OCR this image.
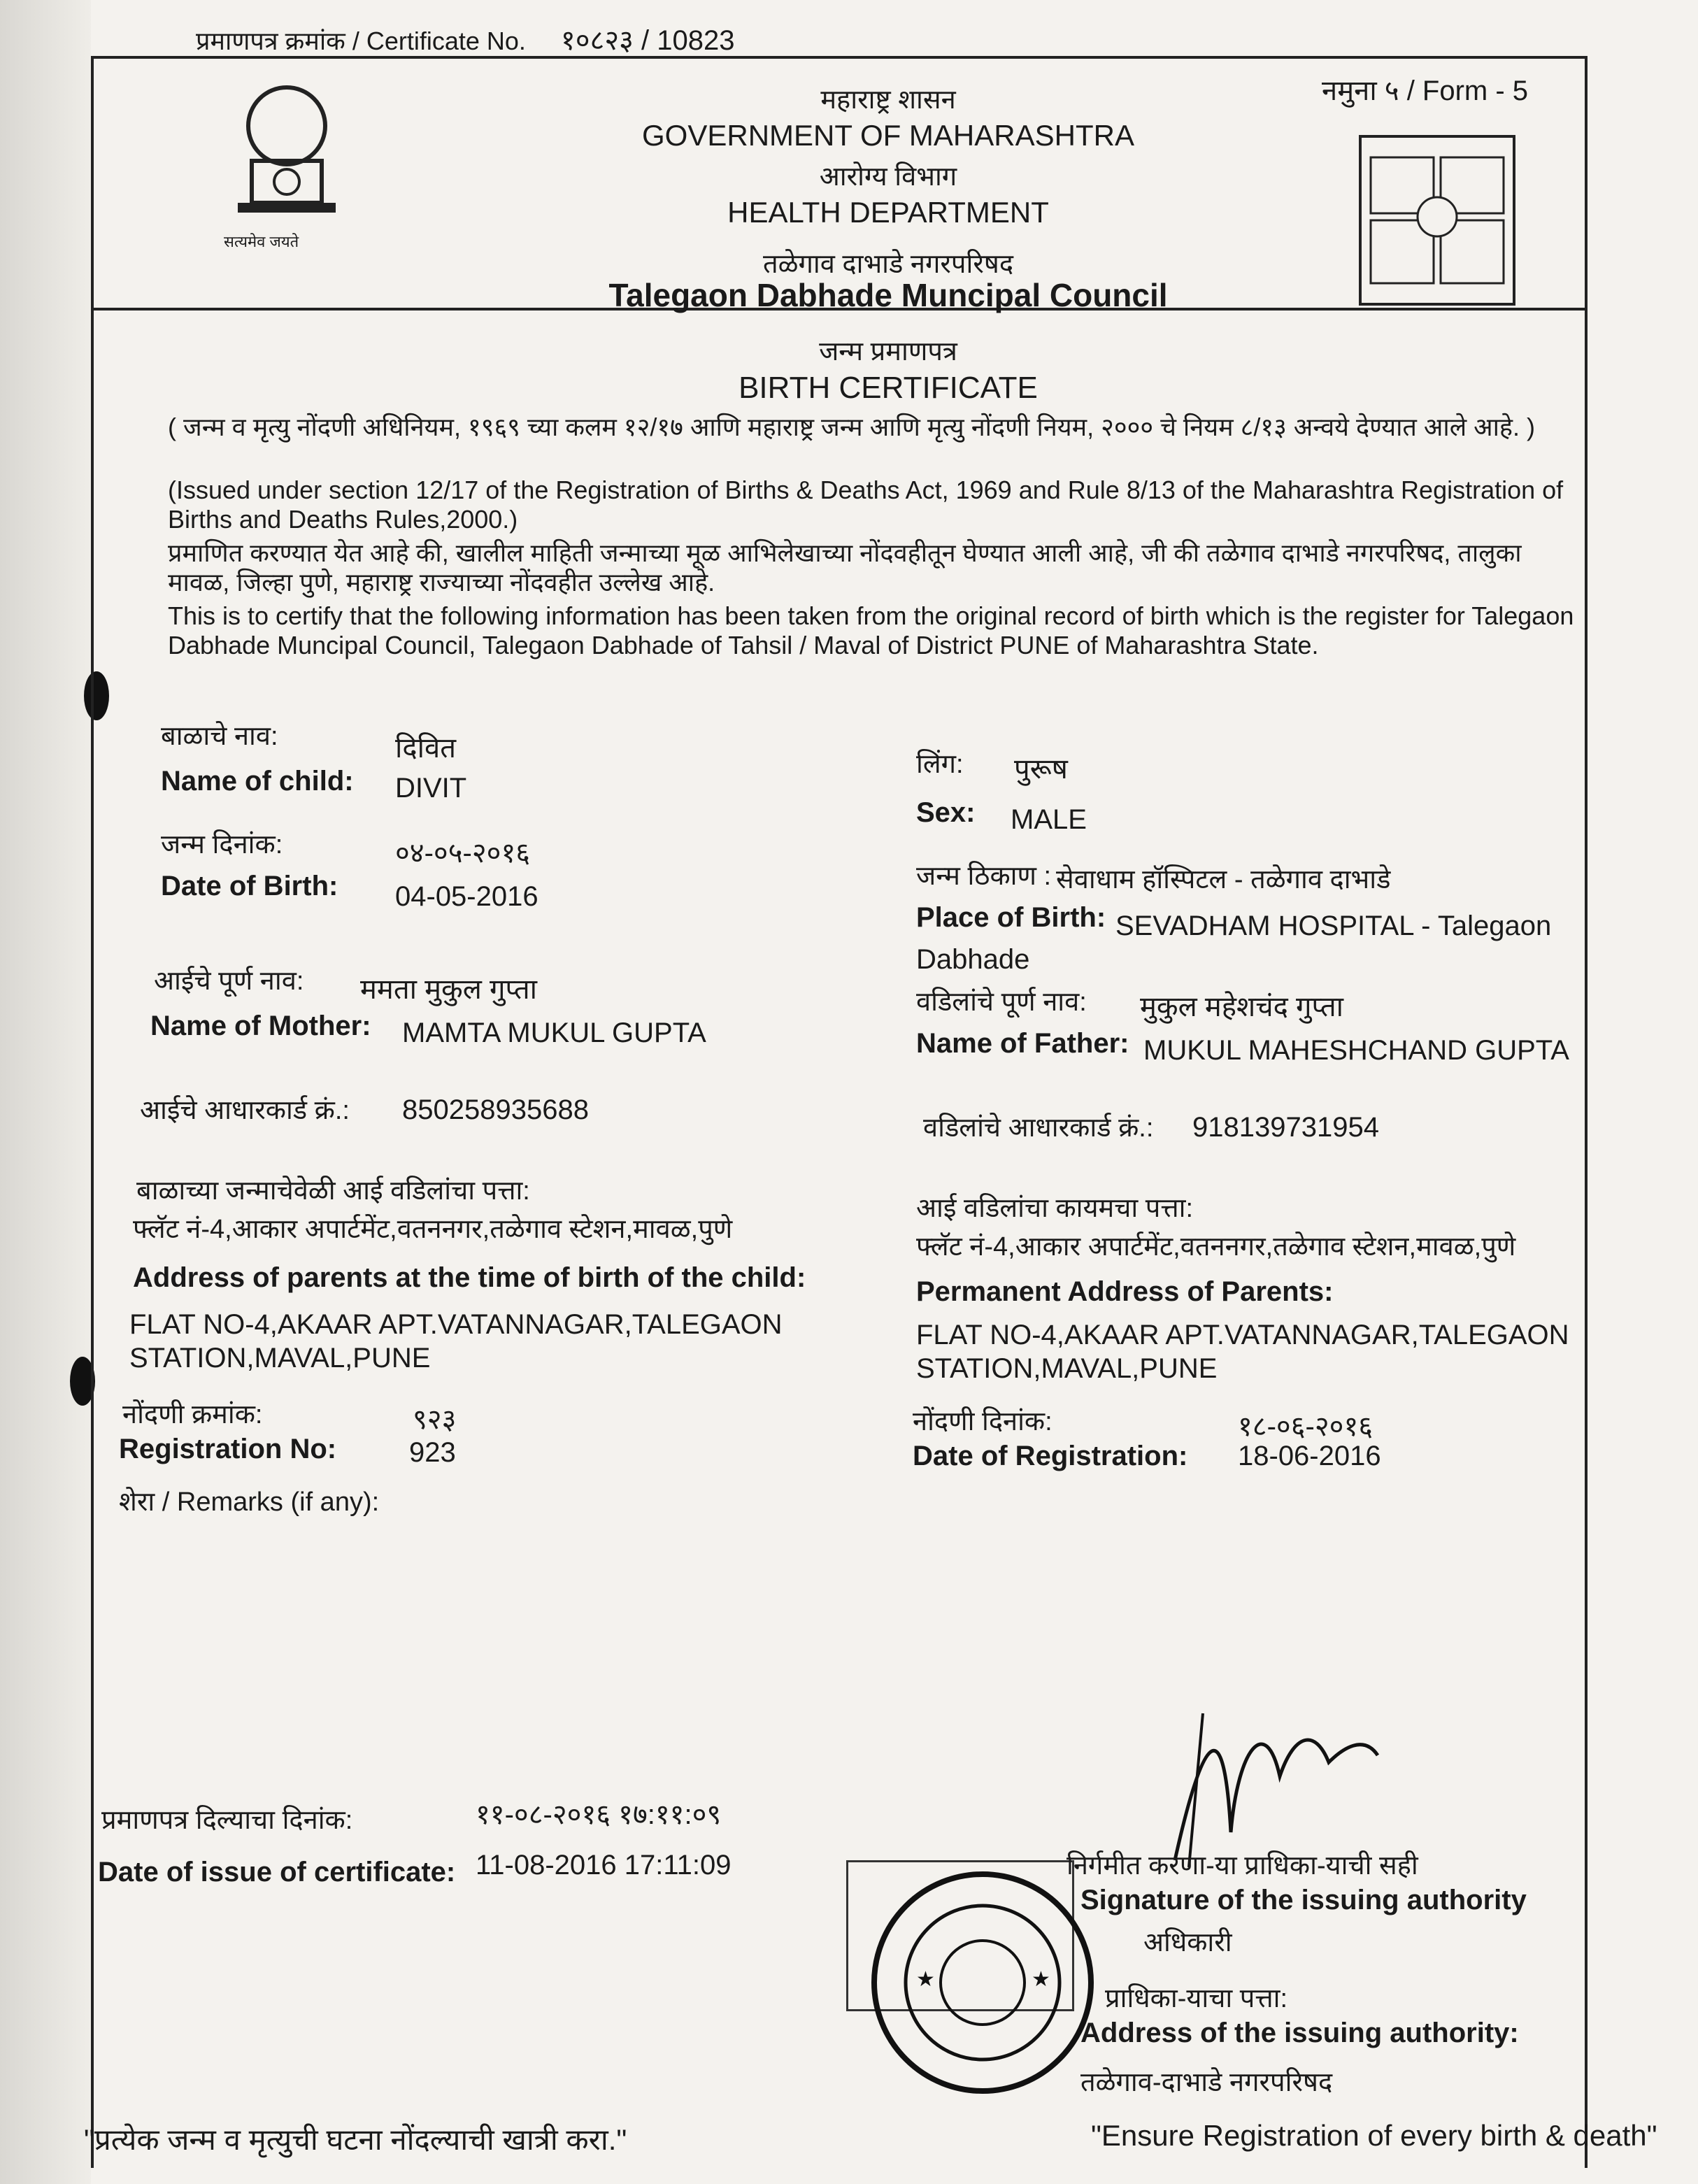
प्रमाणपत्र क्रमांक / Certificate No. १०८२३ / 10823
नमुना ५ / Form - 5
सत्यमेव जयते
महाराष्ट्र शासन
GOVERNMENT OF MAHARASHTRA
आरोग्य विभाग
HEALTH DEPARTMENT
तळेगाव दाभाडे नगरपरिषद
Talegaon Dabhade Muncipal Council
जन्म प्रमाणपत्र
BIRTH CERTIFICATE
( जन्म व मृत्यु नोंदणी अधिनियम, १९६९ च्या कलम १२/१७ आणि महाराष्ट्र जन्म आणि मृत्यु नोंदणी नियम, २००० चे नियम ८/१३ अन्वये देण्यात आले आहे. )
(Issued under section 12/17 of the Registration of Births & Deaths Act, 1969 and Rule 8/13 of the Maharashtra Registration of Births and Deaths Rules,2000.)
प्रमाणित करण्यात येत आहे की, खालील माहिती जन्माच्या मूळ आभिलेखाच्या नोंदवहीतून घेण्यात आली आहे, जी की तळेगाव दाभाडे नगरपरिषद, तालुका मावळ, जिल्हा पुणे, महाराष्ट्र राज्याच्या नोंदवहीत उल्लेख आहे.
This is to certify that the following information has been taken from the original record of birth which is the register for Talegaon Dabhade Muncipal Council, Talegaon Dabhade of Tahsil / Maval of District PUNE of Maharashtra State.
बाळाचे नाव:	दिवित
Name of child: DIVIT
जन्म दिनांक:	०४-०५-२०१६
Date of Birth: 04-05-2016
आईचे पूर्ण नाव: ममता मुकुल गुप्ता
Name of Mother: MAMTA MUKUL GUPTA
आईचे आधारकार्ड क्रं.: 850258935688
बाळाच्या जन्माचेवेळी आई वडिलांचा पत्ता:
फ्लॅट नं-4,आकार अपार्टमेंट,वतननगर,तळेगाव स्टेशन,मावळ,पुणे
Address of parents at the time of birth of the child:
FLAT NO-4,AKAAR APT.VATANNAGAR,TALEGAON STATION,MAVAL,PUNE
नोंदणी क्रमांक:	९२३
Registration No:	923
शेरा / Remarks (if any):
लिंग: पुरूष
Sex: MALE
जन्म ठिकाण : सेवाधाम हॉस्पिटल - तळेगाव दाभाडे
Place of Birth: SEVADHAM HOSPITAL - Talegaon Dabhade
वडिलांचे पूर्ण नाव: मुकुल महेशचंद गुप्ता
Name of Father: MUKUL MAHESHCHAND GUPTA
वडिलांचे आधारकार्ड क्रं.: 918139731954
आई वडिलांचा कायमचा पत्ता:
फ्लॅट नं-4,आकार अपार्टमेंट,वतननगर,तळेगाव स्टेशन,मावळ,पुणे
Permanent Address of Parents:
FLAT NO-4,AKAAR APT.VATANNAGAR,TALEGAON STATION,MAVAL,PUNE
नोंदणी दिनांक:	१८-०६-२०१६
Date of Registration: 18-06-2016
प्रमाणपत्र दिल्याचा दिनांक:	११-०८-२०१६ १७:११:०९
Date of issue of certificate: 11-08-2016 17:11:09
★	★
निर्गमीत करणा-या प्राधिका-याची सही
Signature of the issuing authority
अधिकारी
प्राधिका-याचा पत्ता:
Address of the issuing authority:
तळेगाव-दाभाडे नगरपरिषद
"प्रत्येक जन्म व मृत्युची घटना नोंदल्याची खात्री करा."	"Ensure Registration of every birth & death"
